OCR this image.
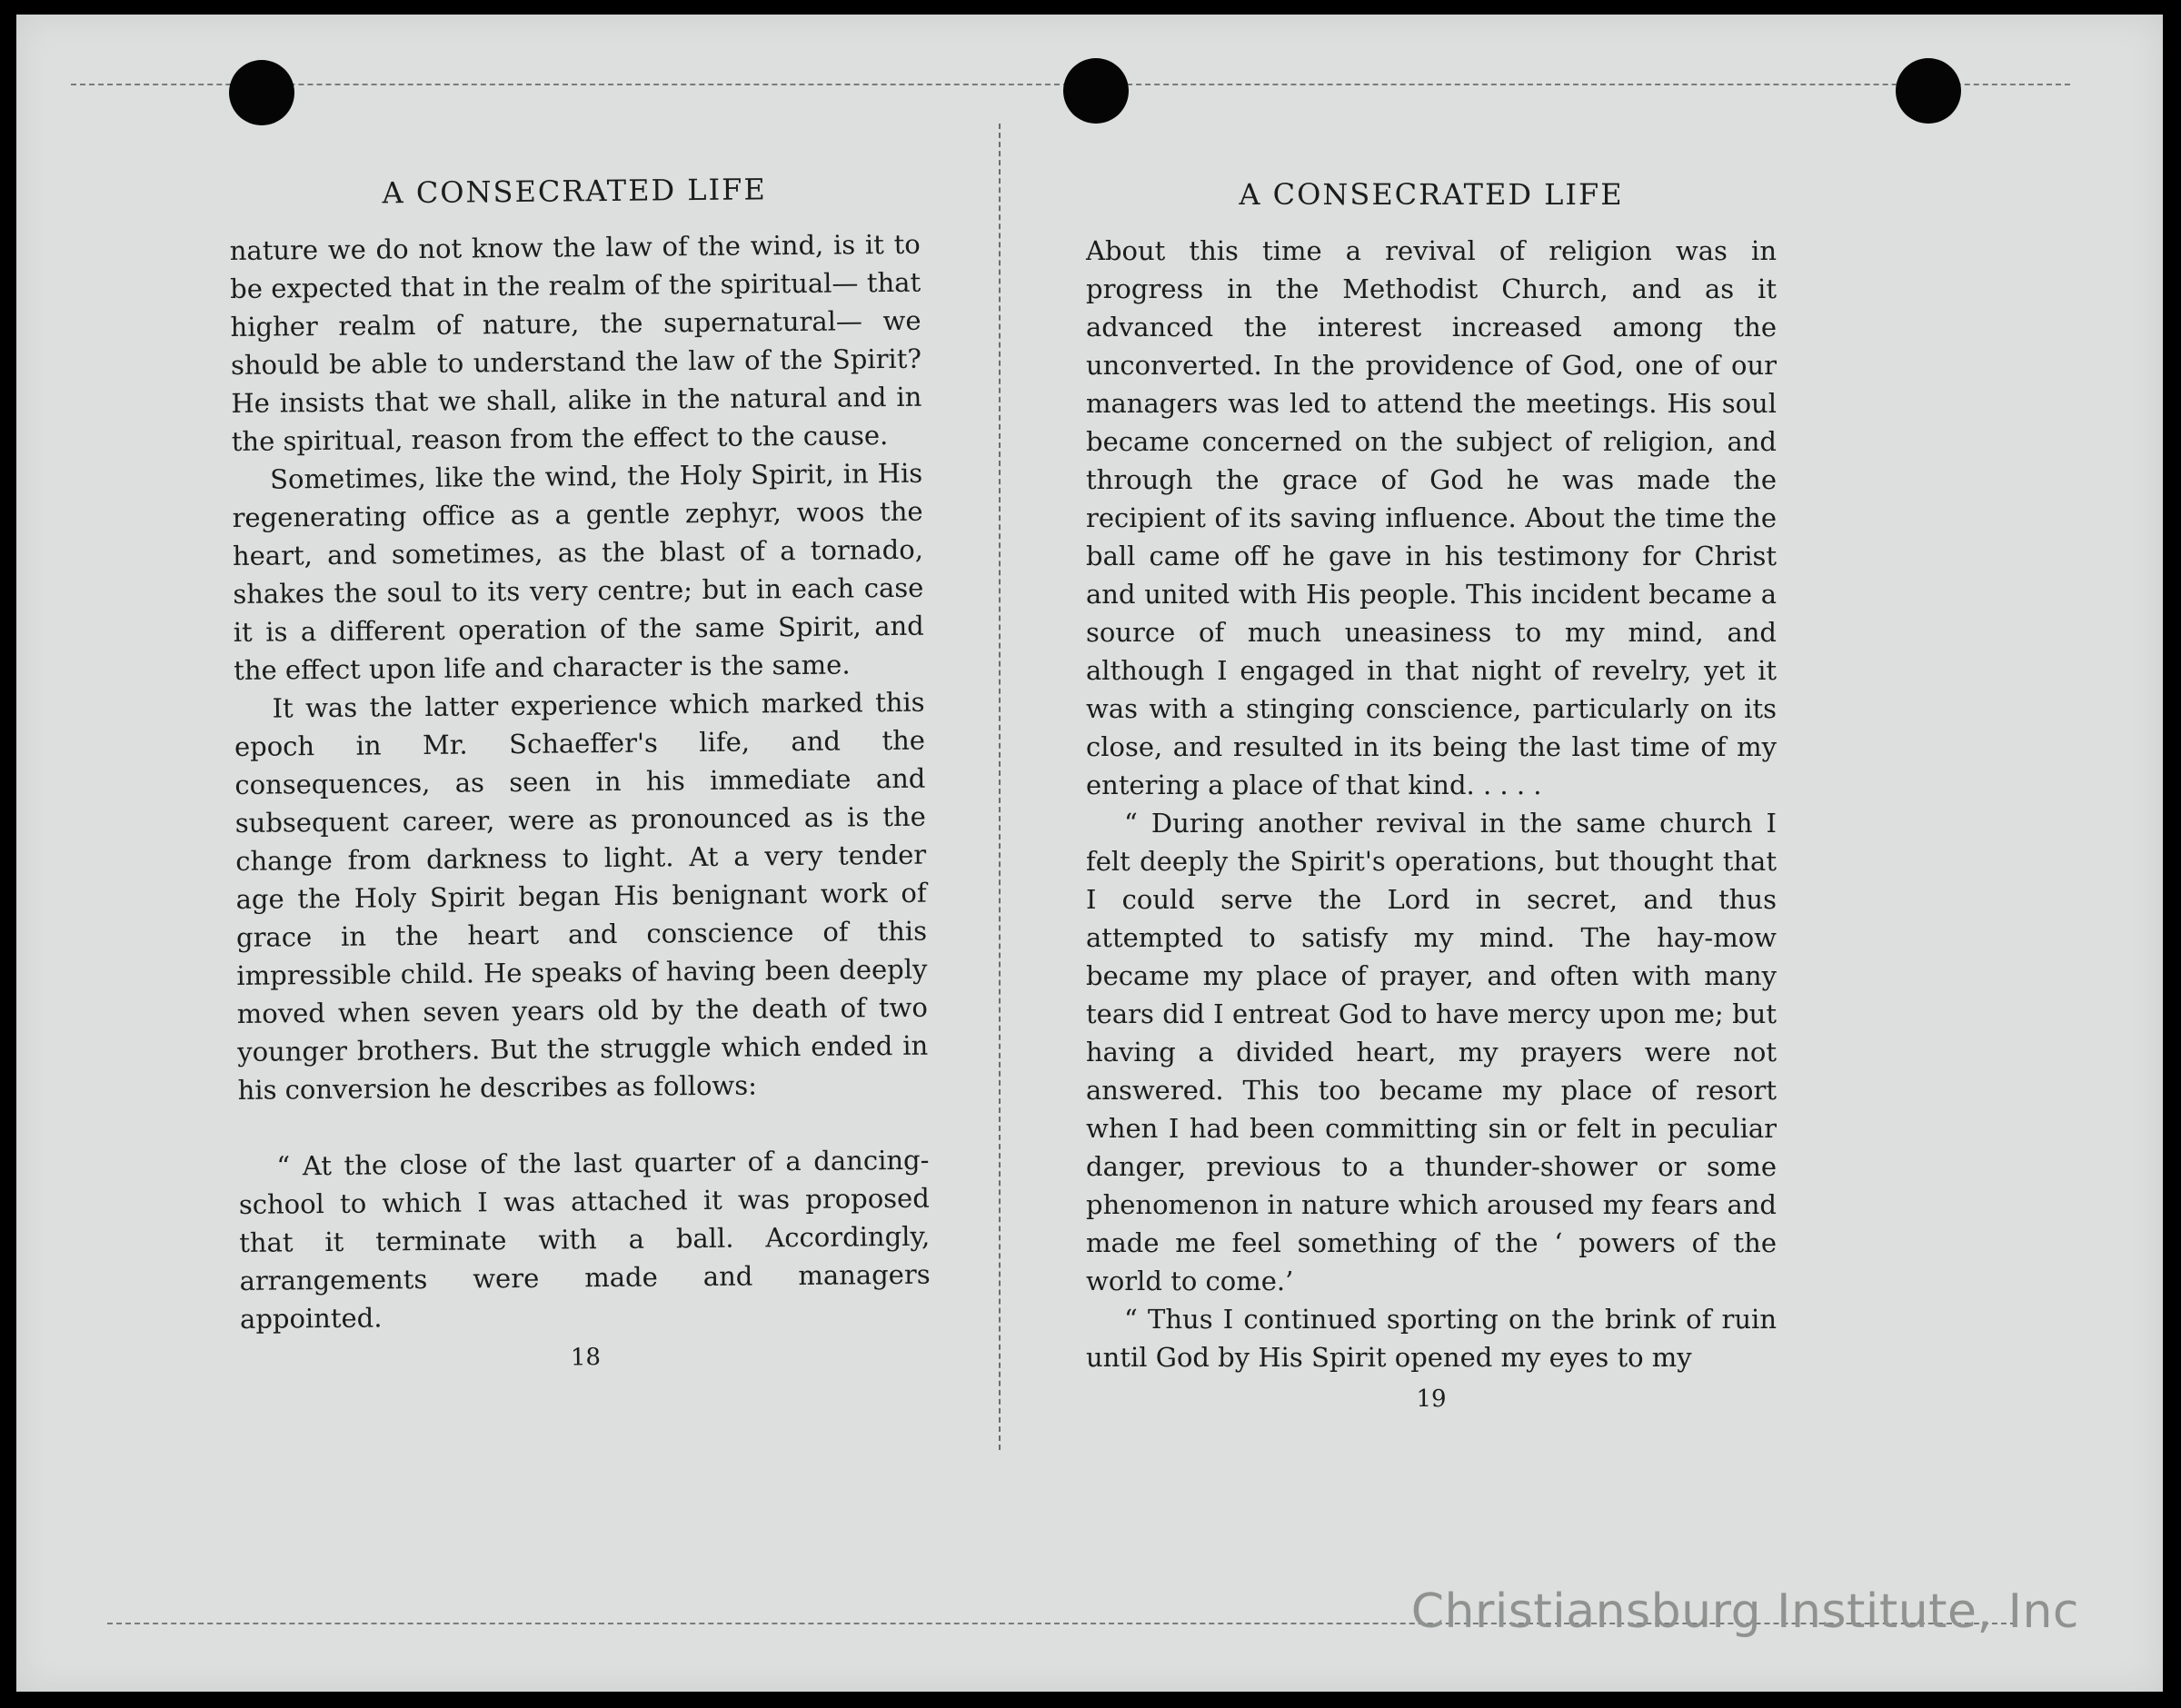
A CONSECRATED LIFE

nature we do not know the law of the wind, is it to be expected that in the realm of the spiritual— that higher realm of nature, the supernatural— we should be able to understand the law of the Spirit? He insists that we shall, alike in the natural and in the spiritual, reason from the effect to the cause.

Sometimes, like the wind, the Holy Spirit, in His regenerating office as a gentle zephyr, woos the heart, and sometimes, as the blast of a tornado, shakes the soul to its very centre; but in each case it is a different operation of the same Spirit, and the effect upon life and character is the same.

It was the latter experience which marked this epoch in Mr. Schaeffer's life, and the consequences, as seen in his immediate and subsequent career, were as pronounced as is the change from darkness to light. At a very tender age the Holy Spirit began His benignant work of grace in the heart and conscience of this impressible child. He speaks of having been deeply moved when seven years old by the death of two younger brothers. But the struggle which ended in his conversion he describes as follows:

“ At the close of the last quarter of a dancing-school to which I was attached it was proposed that it terminate with a ball. Accordingly, arrangements were made and managers appointed.

18
A CONSECRATED LIFE

About this time a revival of religion was in progress in the Methodist Church, and as it advanced the interest increased among the unconverted. In the providence of God, one of our managers was led to attend the meetings. His soul became concerned on the subject of religion, and through the grace of God he was made the recipient of its saving influence. About the time the ball came off he gave in his testimony for Christ and united with His people. This incident became a source of much uneasiness to my mind, and although I engaged in that night of revelry, yet it was with a stinging conscience, particularly on its close, and resulted in its being the last time of my entering a place of that kind. . . . .

“ During another revival in the same church I felt deeply the Spirit's operations, but thought that I could serve the Lord in secret, and thus attempted to satisfy my mind. The hay-mow became my place of prayer, and often with many tears did I entreat God to have mercy upon me; but having a divided heart, my prayers were not answered. This too became my place of resort when I had been committing sin or felt in peculiar danger, previous to a thunder-shower or some phenomenon in nature which aroused my fears and made me feel something of the ‘ powers of the world to come.’

“ Thus I continued sporting on the brink of ruin until God by His Spirit opened my eyes to my

19
Christiansburg Institute, Inc
